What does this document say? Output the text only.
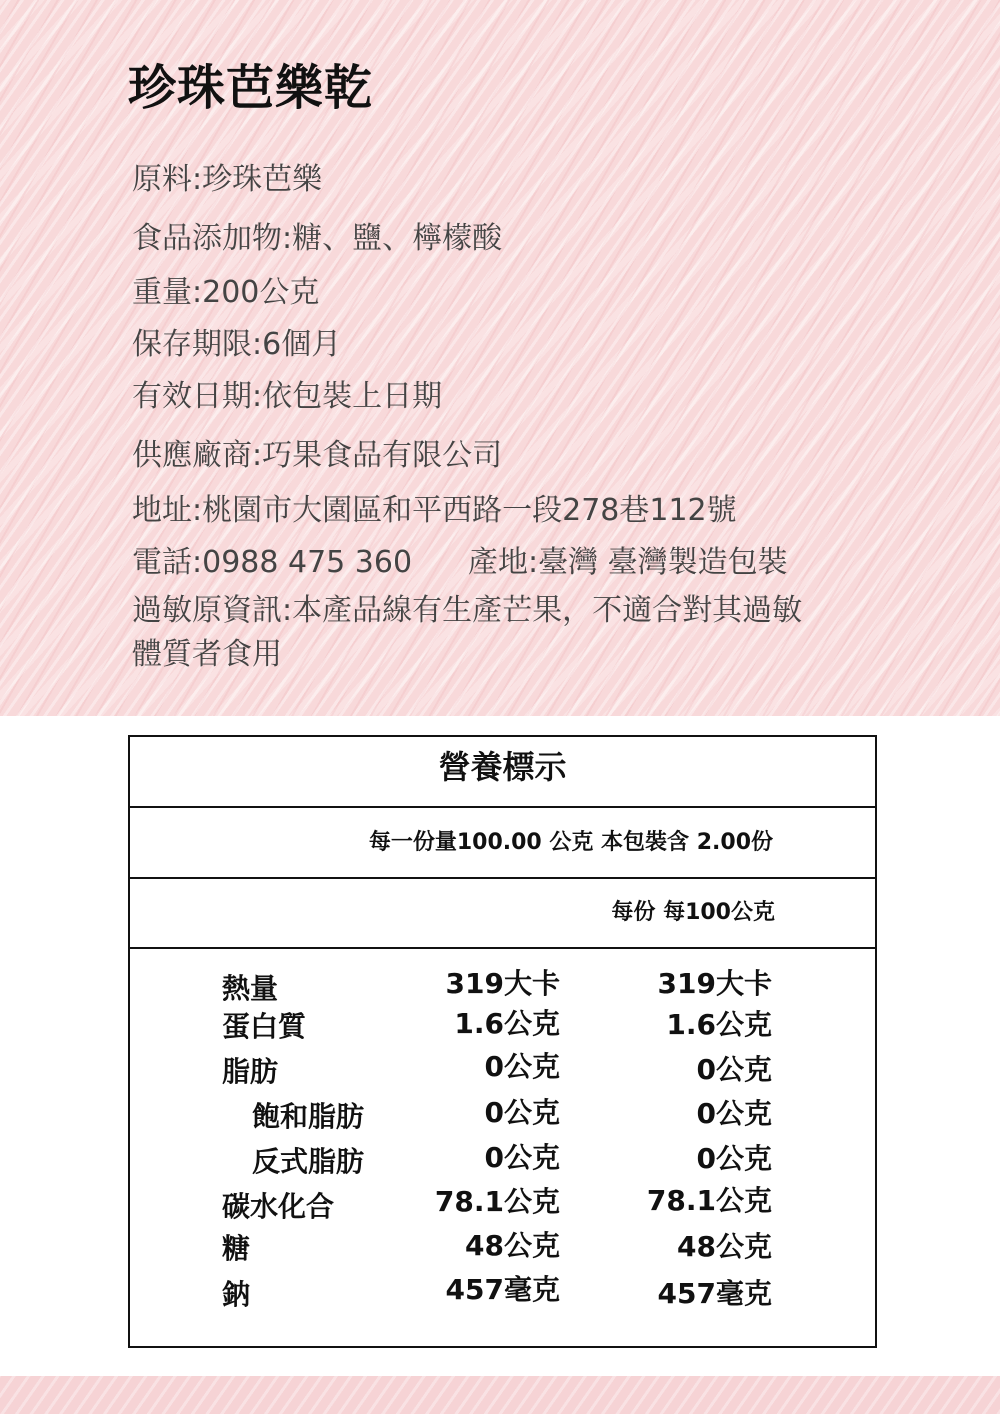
珍珠芭樂乾

原料:珍珠芭樂

食品添加物:糖、鹽、檸檬酸

重量:200公克

保存期限:6個月

有效日期:依包裝上日期

供應廠商:巧果食品有限公司

地址:桃園市大園區和平西路一段278巷112號

電話:0988 475 360 產地:臺灣 臺灣製造包裝

過敏原資訊:本產品線有生產芒果，不適合對其過敏

體質者食用

營養標示
每一份量100.00 公克 本包裝含 2.00份
每份 每100公克
熱量	319大卡	319大卡
蛋白質	1.6公克	1.6公克
脂肪	0公克	0公克
飽和脂肪	0公克	0公克
反式脂肪	0公克	0公克
碳水化合	78.1公克	78.1公克
糖	48公克	48公克
鈉	457毫克	457毫克
